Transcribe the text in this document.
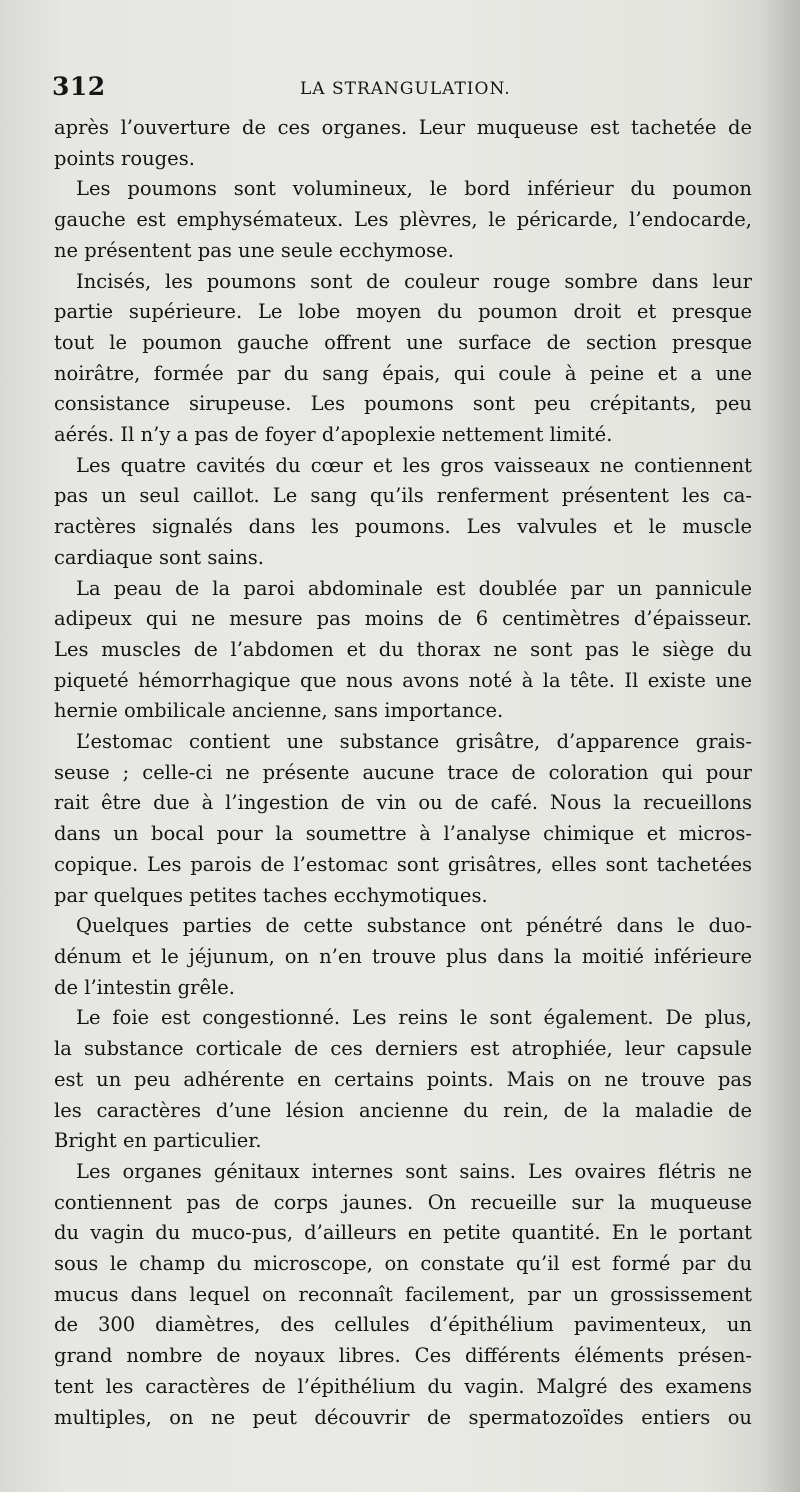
312	LA STRANGULATION.
après l’ouverture de ces organes. Leur muqueuse est tachetée de
points rouges.
Les poumons sont volumineux, le bord inférieur du poumon
gauche est emphysémateux. Les plèvres, le péricarde, l’endocarde,
ne présentent pas une seule ecchymose.
Incisés, les poumons sont de couleur rouge sombre dans leur
partie supérieure. Le lobe moyen du poumon droit et presque
tout le poumon gauche offrent une surface de section presque
noirâtre, formée par du sang épais, qui coule à peine et a une
consistance sirupeuse. Les poumons sont peu crépitants, peu
aérés. Il n’y a pas de foyer d’apoplexie nettement limité.
Les quatre cavités du cœur et les gros vaisseaux ne contiennent
pas un seul caillot. Le sang qu’ils renferment présentent les ca-
ractères signalés dans les poumons. Les valvules et le muscle
cardiaque sont sains.
La peau de la paroi abdominale est doublée par un pannicule
adipeux qui ne mesure pas moins de 6 centimètres d’épaisseur.
Les muscles de l’abdomen et du thorax ne sont pas le siège du
piqueté hémorrhagique que nous avons noté à la tête. Il existe une
hernie ombilicale ancienne, sans importance.
L’estomac contient une substance grisâtre, d’apparence grais-
seuse ; celle-ci ne présente aucune trace de coloration qui pour
rait être due à l’ingestion de vin ou de café. Nous la recueillons
dans un bocal pour la soumettre à l’analyse chimique et micros-
copique. Les parois de l’estomac sont grisâtres, elles sont tachetées
par quelques petites taches ecchymotiques.
Quelques parties de cette substance ont pénétré dans le duo-
dénum et le jéjunum, on n’en trouve plus dans la moitié inférieure
de l’intestin grêle.
Le foie est congestionné. Les reins le sont également. De plus,
la substance corticale de ces derniers est atrophiée, leur capsule
est un peu adhérente en certains points. Mais on ne trouve pas
les caractères d’une lésion ancienne du rein, de la maladie de
Bright en particulier.
Les organes génitaux internes sont sains. Les ovaires flétris ne
contiennent pas de corps jaunes. On recueille sur la muqueuse
du vagin du muco-pus, d’ailleurs en petite quantité. En le portant
sous le champ du microscope, on constate qu’il est formé par du
mucus dans lequel on reconnaît facilement, par un grossissement
de 300 diamètres, des cellules d’épithélium pavimenteux, un
grand nombre de noyaux libres. Ces différents éléments présen-
tent les caractères de l’épithélium du vagin. Malgré des examens
multiples, on ne peut découvrir de spermatozoïdes entiers ou
